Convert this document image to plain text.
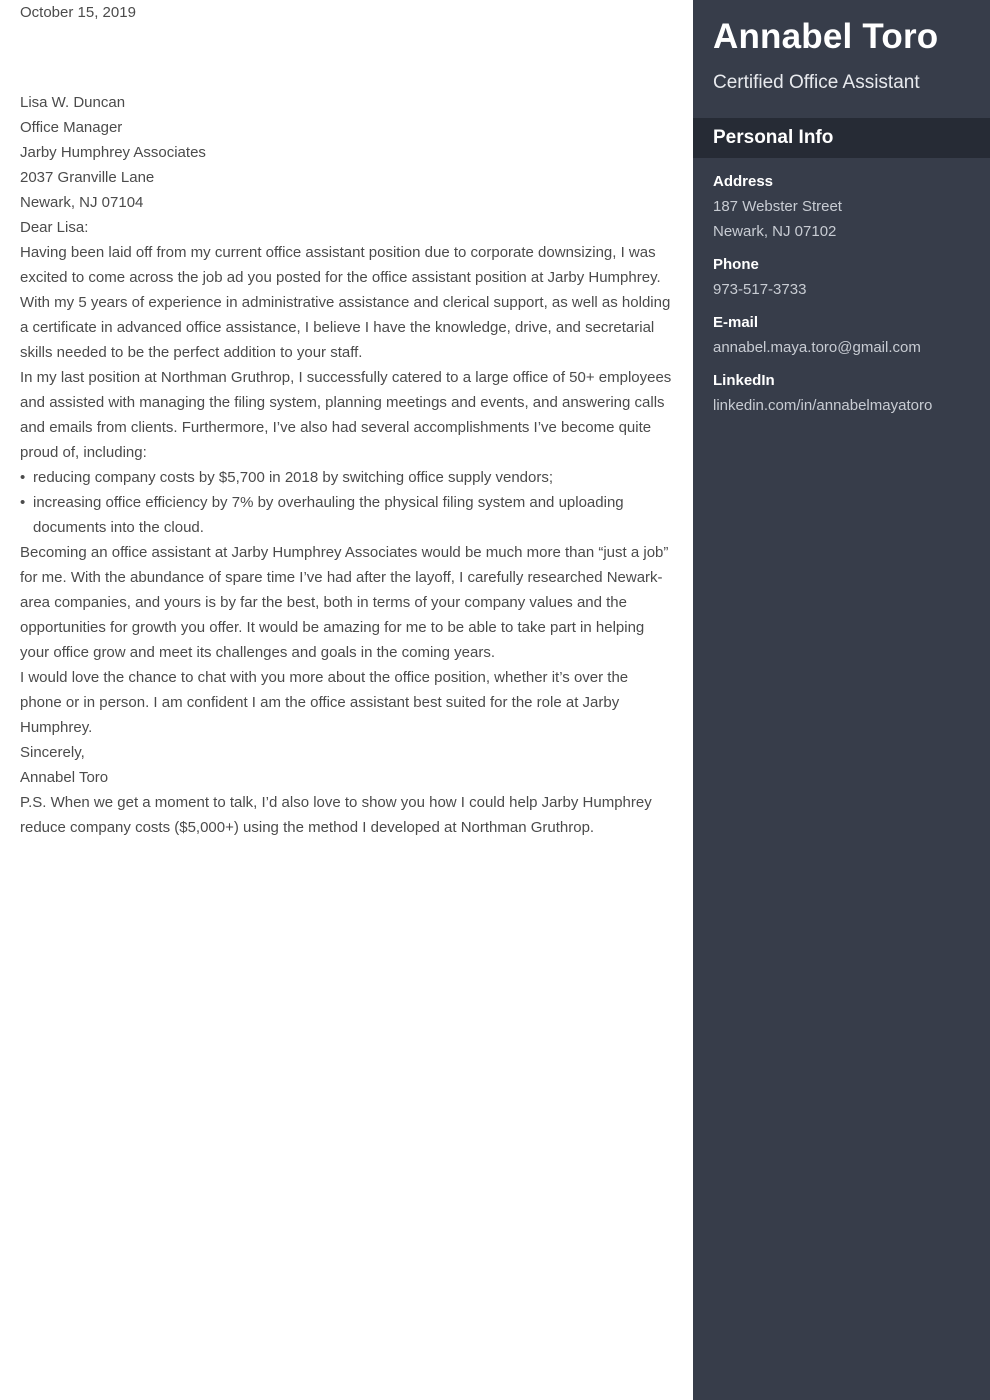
October 15, 2019

Lisa W. Duncan

Office Manager

Jarby Humphrey Associates

2037 Granville Lane

Newark, NJ 07104

Dear Lisa:

Having been laid off from my current office assistant position due to corporate downsizing, I was excited to come across the job ad you posted for the office assistant position at Jarby Humphrey. With my 5 years of experience in administrative assistance and clerical support, as well as holding a certificate in advanced office assistance, I believe I have the knowledge, drive, and secretarial skills needed to be the perfect addition to your staff.

In my last position at Northman Gruthrop, I successfully catered to a large office of 50+ employees and assisted with managing the filing system, planning meetings and events, and answering calls and emails from clients. Furthermore, I’ve also had several accomplishments I’ve become quite proud of, including:

• reducing company costs by $5,700 in 2018 by switching office supply vendors;
• increasing office efficiency by 7% by overhauling the physical filing system and uploading documents into the cloud.

Becoming an office assistant at Jarby Humphrey Associates would be much more than “just a job” for me. With the abundance of spare time I’ve had after the layoff, I carefully researched Newark-area companies, and yours is by far the best, both in terms of your company values and the opportunities for growth you offer. It would be amazing for me to be able to take part in helping your office grow and meet its challenges and goals in the coming years.

I would love the chance to chat with you more about the office position, whether it’s over the phone or in person. I am confident I am the office assistant best suited for the role at Jarby Humphrey.

Sincerely,

Annabel Toro

P.S. When we get a moment to talk, I’d also love to show you how I could help Jarby Humphrey reduce company costs ($5,000+) using the method I developed at Northman Gruthrop.

Annabel Toro
Certified Office Assistant
Personal Info
Address
187 Webster Street
Newark, NJ 07102
Phone
973-517-3733
E-mail
annabel.maya.toro@gmail.com
LinkedIn
linkedin.com/in/annabelmayatoro
